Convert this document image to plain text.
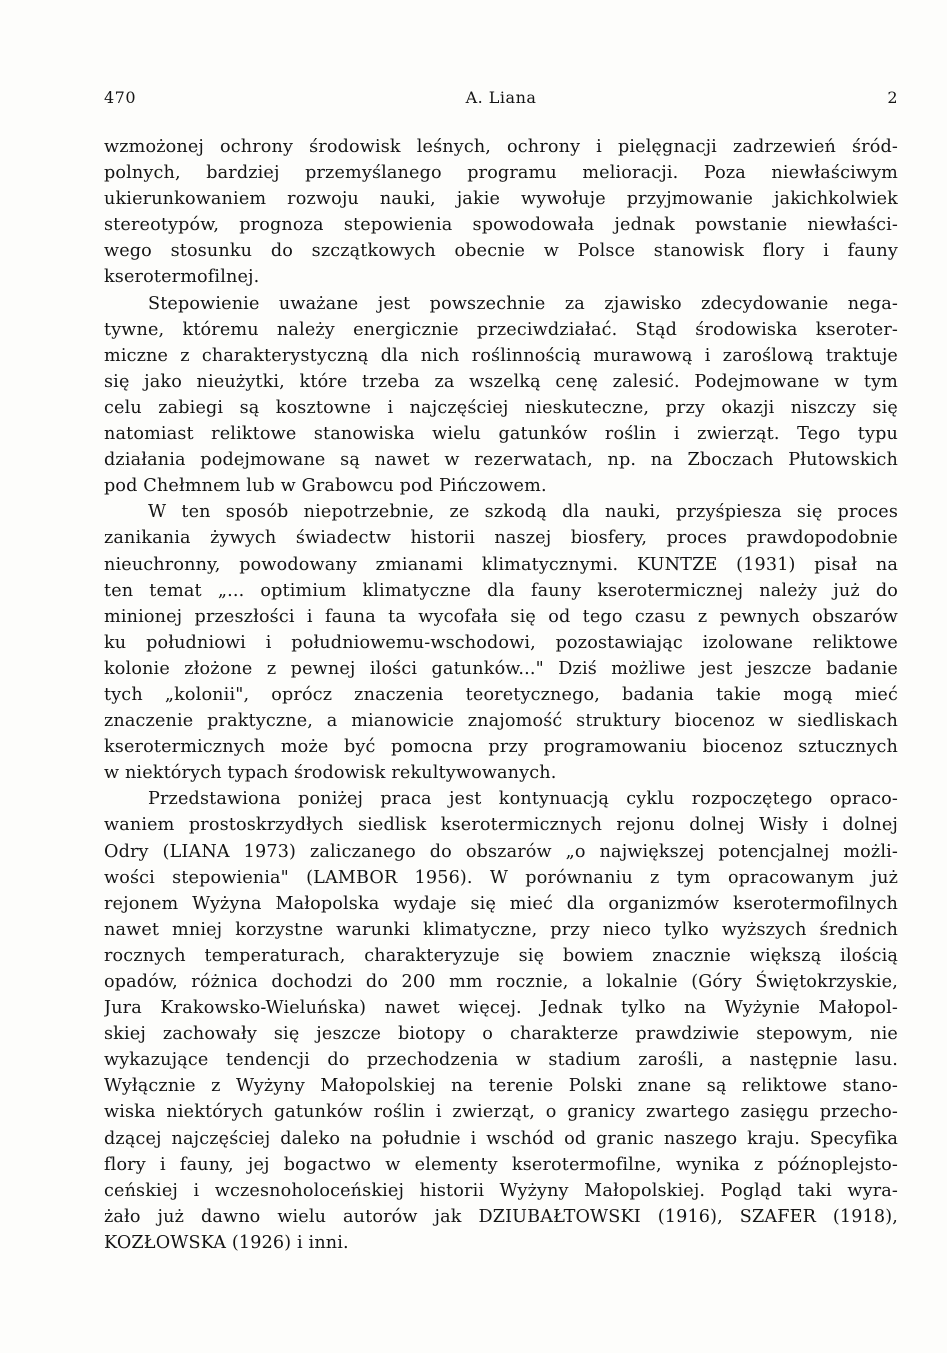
470	A. Liana	2
wzmożonej ochrony środowisk leśnych, ochrony i pielęgnacji zadrzewień śród-
polnych, bardziej przemyślanego programu melioracji. Poza niewłaściwym
ukierunkowaniem rozwoju nauki, jakie wywołuje przyjmowanie jakichkolwiek
stereotypów, prognoza stepowienia spowodowała jednak powstanie niewłaści-
wego stosunku do szczątkowych obecnie w Polsce stanowisk flory i fauny
kserotermofilnej.
Stepowienie uważane jest powszechnie za zjawisko zdecydowanie nega-
tywne, któremu należy energicznie przeciwdziałać. Stąd środowiska kseroter-
miczne z charakterystyczną dla nich roślinnością murawową i zaroślową traktuje
się jako nieużytki, które trzeba za wszelką cenę zalesić. Podejmowane w tym
celu zabiegi są kosztowne i najczęściej nieskuteczne, przy okazji niszczy się
natomiast reliktowe stanowiska wielu gatunków roślin i zwierząt. Tego typu
działania podejmowane są nawet w rezerwatach, np. na Zboczach Płutowskich
pod Chełmnem lub w Grabowcu pod Pińczowem.
W ten sposób niepotrzebnie, ze szkodą dla nauki, przyśpiesza się proces
zanikania żywych świadectw historii naszej biosfery, proces prawdopodobnie
nieuchronny, powodowany zmianami klimatycznymi. KUNTZE (1931) pisał na
ten temat „... optimium klimatyczne dla fauny kserotermicznej należy już do
minionej przeszłości i fauna ta wycofała się od tego czasu z pewnych obszarów
ku południowi i południowemu-wschodowi, pozostawiając izolowane reliktowe
kolonie złożone z pewnej ilości gatunków..." Dziś możliwe jest jeszcze badanie
tych „kolonii", oprócz znaczenia teoretycznego, badania takie mogą mieć
znaczenie praktyczne, a mianowicie znajomość struktury biocenoz w siedliskach
kserotermicznych może być pomocna przy programowaniu biocenoz sztucznych
w niektórych typach środowisk rekultywowanych.
Przedstawiona poniżej praca jest kontynuacją cyklu rozpoczętego opraco-
waniem prostoskrzydłych siedlisk kserotermicznych rejonu dolnej Wisły i dolnej
Odry (LIANA 1973) zaliczanego do obszarów „o największej potencjalnej możli-
wości stepowienia" (LAMBOR 1956). W porównaniu z tym opracowanym już
rejonem Wyżyna Małopolska wydaje się mieć dla organizmów kserotermofilnych
nawet mniej korzystne warunki klimatyczne, przy nieco tylko wyższych średnich
rocznych temperaturach, charakteryzuje się bowiem znacznie większą ilością
opadów, różnica dochodzi do 200 mm rocznie, a lokalnie (Góry Świętokrzyskie,
Jura Krakowsko-Wieluńska) nawet więcej. Jednak tylko na Wyżynie Małopol-
skiej zachowały się jeszcze biotopy o charakterze prawdziwie stepowym, nie
wykazujące tendencji do przechodzenia w stadium zarośli, a następnie lasu.
Wyłącznie z Wyżyny Małopolskiej na terenie Polski znane są reliktowe stano-
wiska niektórych gatunków roślin i zwierząt, o granicy zwartego zasięgu przecho-
dzącej najczęściej daleko na południe i wschód od granic naszego kraju. Specyfika
flory i fauny, jej bogactwo w elementy kserotermofilne, wynika z późnoplejsto-
ceńskiej i wczesnoholoceńskiej historii Wyżyny Małopolskiej. Pogląd taki wyra-
żało już dawno wielu autorów jak DZIUBAŁTOWSKI (1916), SZAFER (1918),
KOZŁOWSKA (1926) i inni.
